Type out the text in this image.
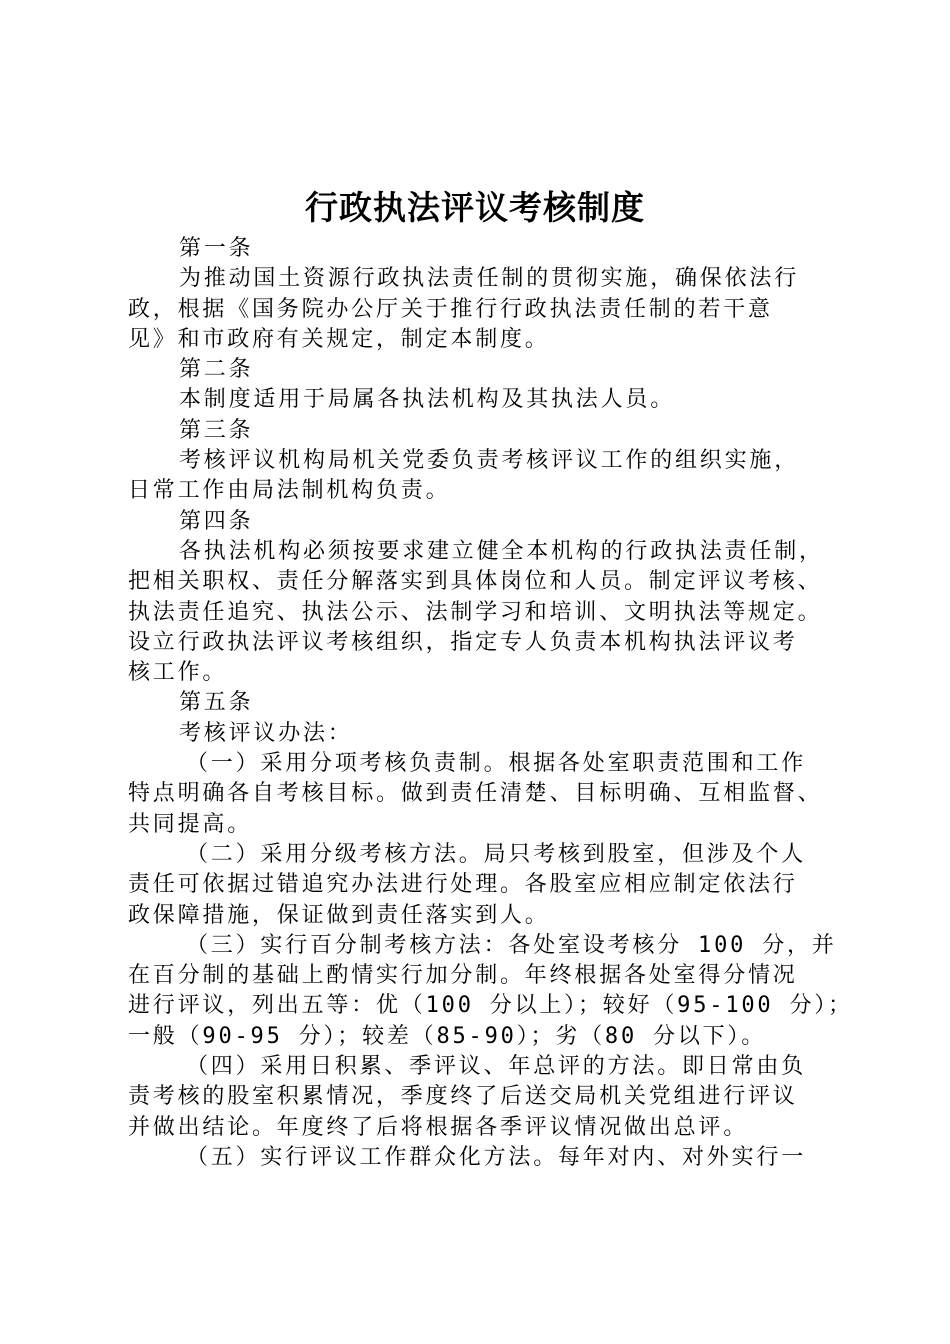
行政执法评议考核制度
第一条
为推动国土资源行政执法责任制的贯彻实施，确保依法行
政，根据《国务院办公厅关于推行行政执法责任制的若干意
见》和市政府有关规定，制定本制度。
第二条
本制度适用于局属各执法机构及其执法人员。
第三条
考核评议机构局机关党委负责考核评议工作的组织实施，
日常工作由局法制机构负责。
第四条
各执法机构必须按要求建立健全本机构的行政执法责任制，
把相关职权、责任分解落实到具体岗位和人员。制定评议考核、
执法责任追究、执法公示、法制学习和培训、文明执法等规定。
设立行政执法评议考核组织，指定专人负责本机构执法评议考
核工作。
第五条
考核评议办法：
（一）采用分项考核负责制。根据各处室职责范围和工作
特点明确各自考核目标。做到责任清楚、目标明确、互相监督、
共同提高。
（二）采用分级考核方法。局只考核到股室，但涉及个人
责任可依据过错追究办法进行处理。各股室应相应制定依法行
政保障措施，保证做到责任落实到人。
（三）实行百分制考核方法：各处室设考核分 100 分，并
在百分制的基础上酌情实行加分制。年终根据各处室得分情况
进行评议，列出五等：优（100 分以上）；较好（95-100 分）；
一般（90-95 分）；较差（85-90）；劣（80 分以下）。
（四）采用日积累、季评议、年总评的方法。即日常由负
责考核的股室积累情况，季度终了后送交局机关党组进行评议
并做出结论。年度终了后将根据各季评议情况做出总评。
（五）实行评议工作群众化方法。每年对内、对外实行一
